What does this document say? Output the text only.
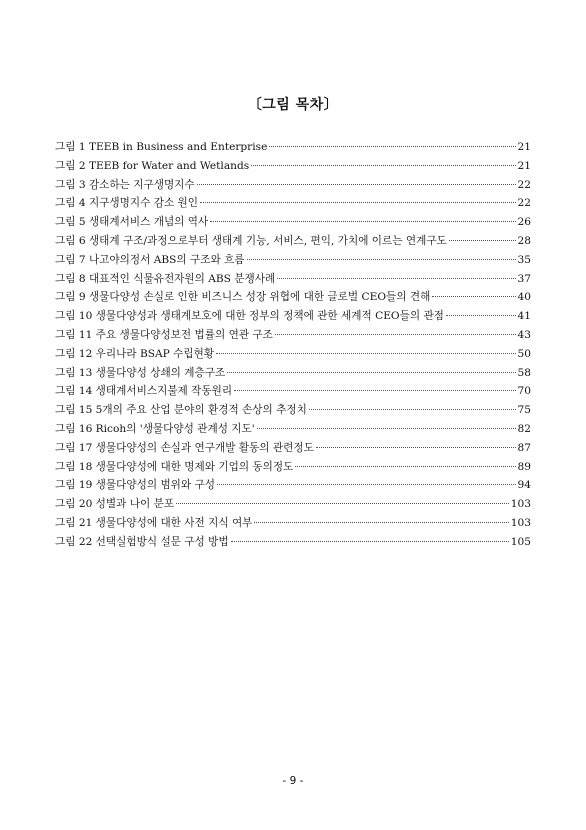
〔그림 목차〕
그림 1 TEEB in Business and Enterprise	21
그림 2 TEEB for Water and Wetlands	21
그림 3 감소하는 지구생명지수	22
그림 4 지구생명지수 감소 원인	22
그림 5 생태계서비스 개념의 역사	26
그림 6 생태계 구조/과정으로부터 생태계 기능, 서비스, 편익, 가치에 이르는 연계구도	28
그림 7 나고야의정서 ABS의 구조와 흐름	35
그림 8 대표적인 식물유전자원의 ABS 분쟁사례	37
그림 9 생물다양성 손실로 인한 비즈니스 성장 위협에 대한 글로벌 CEO들의 견해	40
그림 10 생물다양성과 생태계보호에 대한 정부의 정책에 관한 세계적 CEO들의 관점	41
그림 11 주요 생물다양성보전 법률의 연관 구조	43
그림 12 우리나라 BSAP 수립현황	50
그림 13 생물다양성 상쇄의 계층구조	58
그림 14 생태계서비스지불제 작동원리	70
그림 15 5개의 주요 산업 분야의 환경적 손상의 추정치	75
그림 16 Ricoh의 '생물다양성 관계성 지도'	82
그림 17 생물다양성의 손실과 연구개발 활동의 관련정도	87
그림 18 생물다양성에 대한 명제와 기업의 동의정도	89
그림 19 생물다양성의 범위와 구성	94
그림 20 성별과 나이 분포	103
그림 21 생물다양성에 대한 사전 지식 여부	103
그림 22 선택실험방식 설문 구성 방법	105
- 9 -
